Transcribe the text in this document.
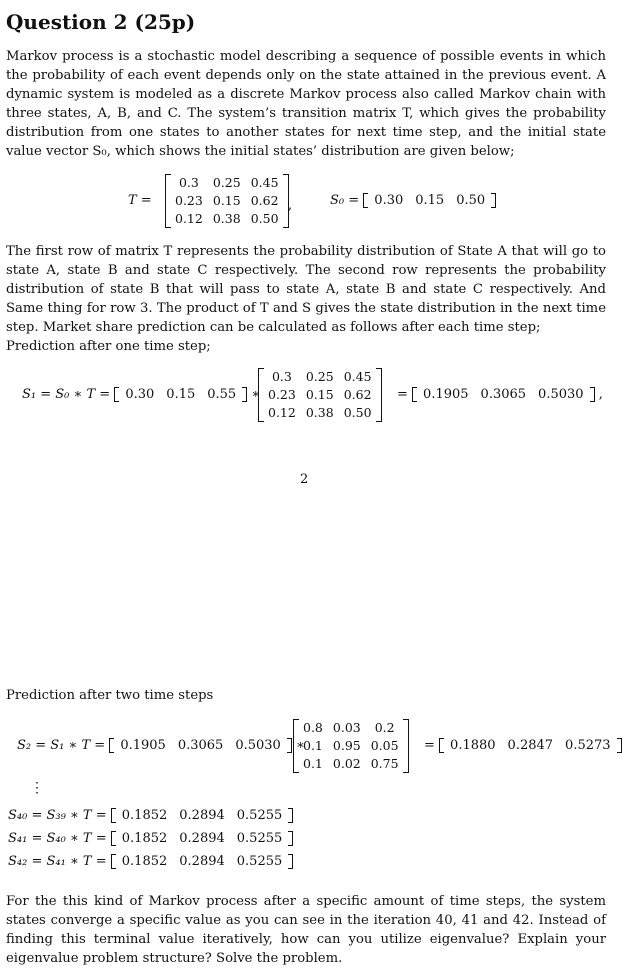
Question 2 (25p)
Markov process is a stochastic model describing a sequence of possible events in which the probability of each event depends only on the state attained in the previous event. A dynamic system is modeled as a discrete Markov process also called Markov chain with three states, A, B, and C. The system’s transition matrix T, which gives the probability distribution from one states to another states for next time step, and the initial state value vector S₀, which shows the initial states’ distribution are given below;
T =
0.3	0.25	0.45
0.23	0.15	0.62
0.12	0.38	0.50
,	S₀ = 0.30 0.15 0.50
The first row of matrix T represents the probability distribution of State A that will go to state A, state B and state C respectively. The second row represents the probability distribution of state B that will pass to state A, state B and state C respectively. And Same thing for row 3. The product of T and S gives the state distribution in the next time step. Market share prediction can be calculated as follows after each time step;
Prediction after one time step;
S₁ = S₀ ∗ T = 0.30 0.15 0.55 ∗
0.3	0.25	0.45
0.23	0.15	0.62
0.12	0.38	0.50
= 0.1905 0.3065 0.5030 ,
2
Prediction after two time steps
S₂ = S₁ ∗ T = 0.1905 0.3065 0.5030 ∗
0.8	0.03	0.2
0.1	0.95	0.05
0.1	0.02	0.75
= 0.1880 0.2847 0.5273
⋮
S₄₀ = S₃₉ ∗ T = 0.1852 0.2894 0.5255
S₄₁ = S₄₀ ∗ T = 0.1852 0.2894 0.5255
S₄₂ = S₄₁ ∗ T = 0.1852 0.2894 0.5255
For the this kind of Markov process after a specific amount of time steps, the system states converge a specific value as you can see in the iteration 40, 41 and 42. Instead of finding this terminal value iteratively, how can you utilize eigenvalue? Explain your eigenvalue problem structure? Solve the problem.
